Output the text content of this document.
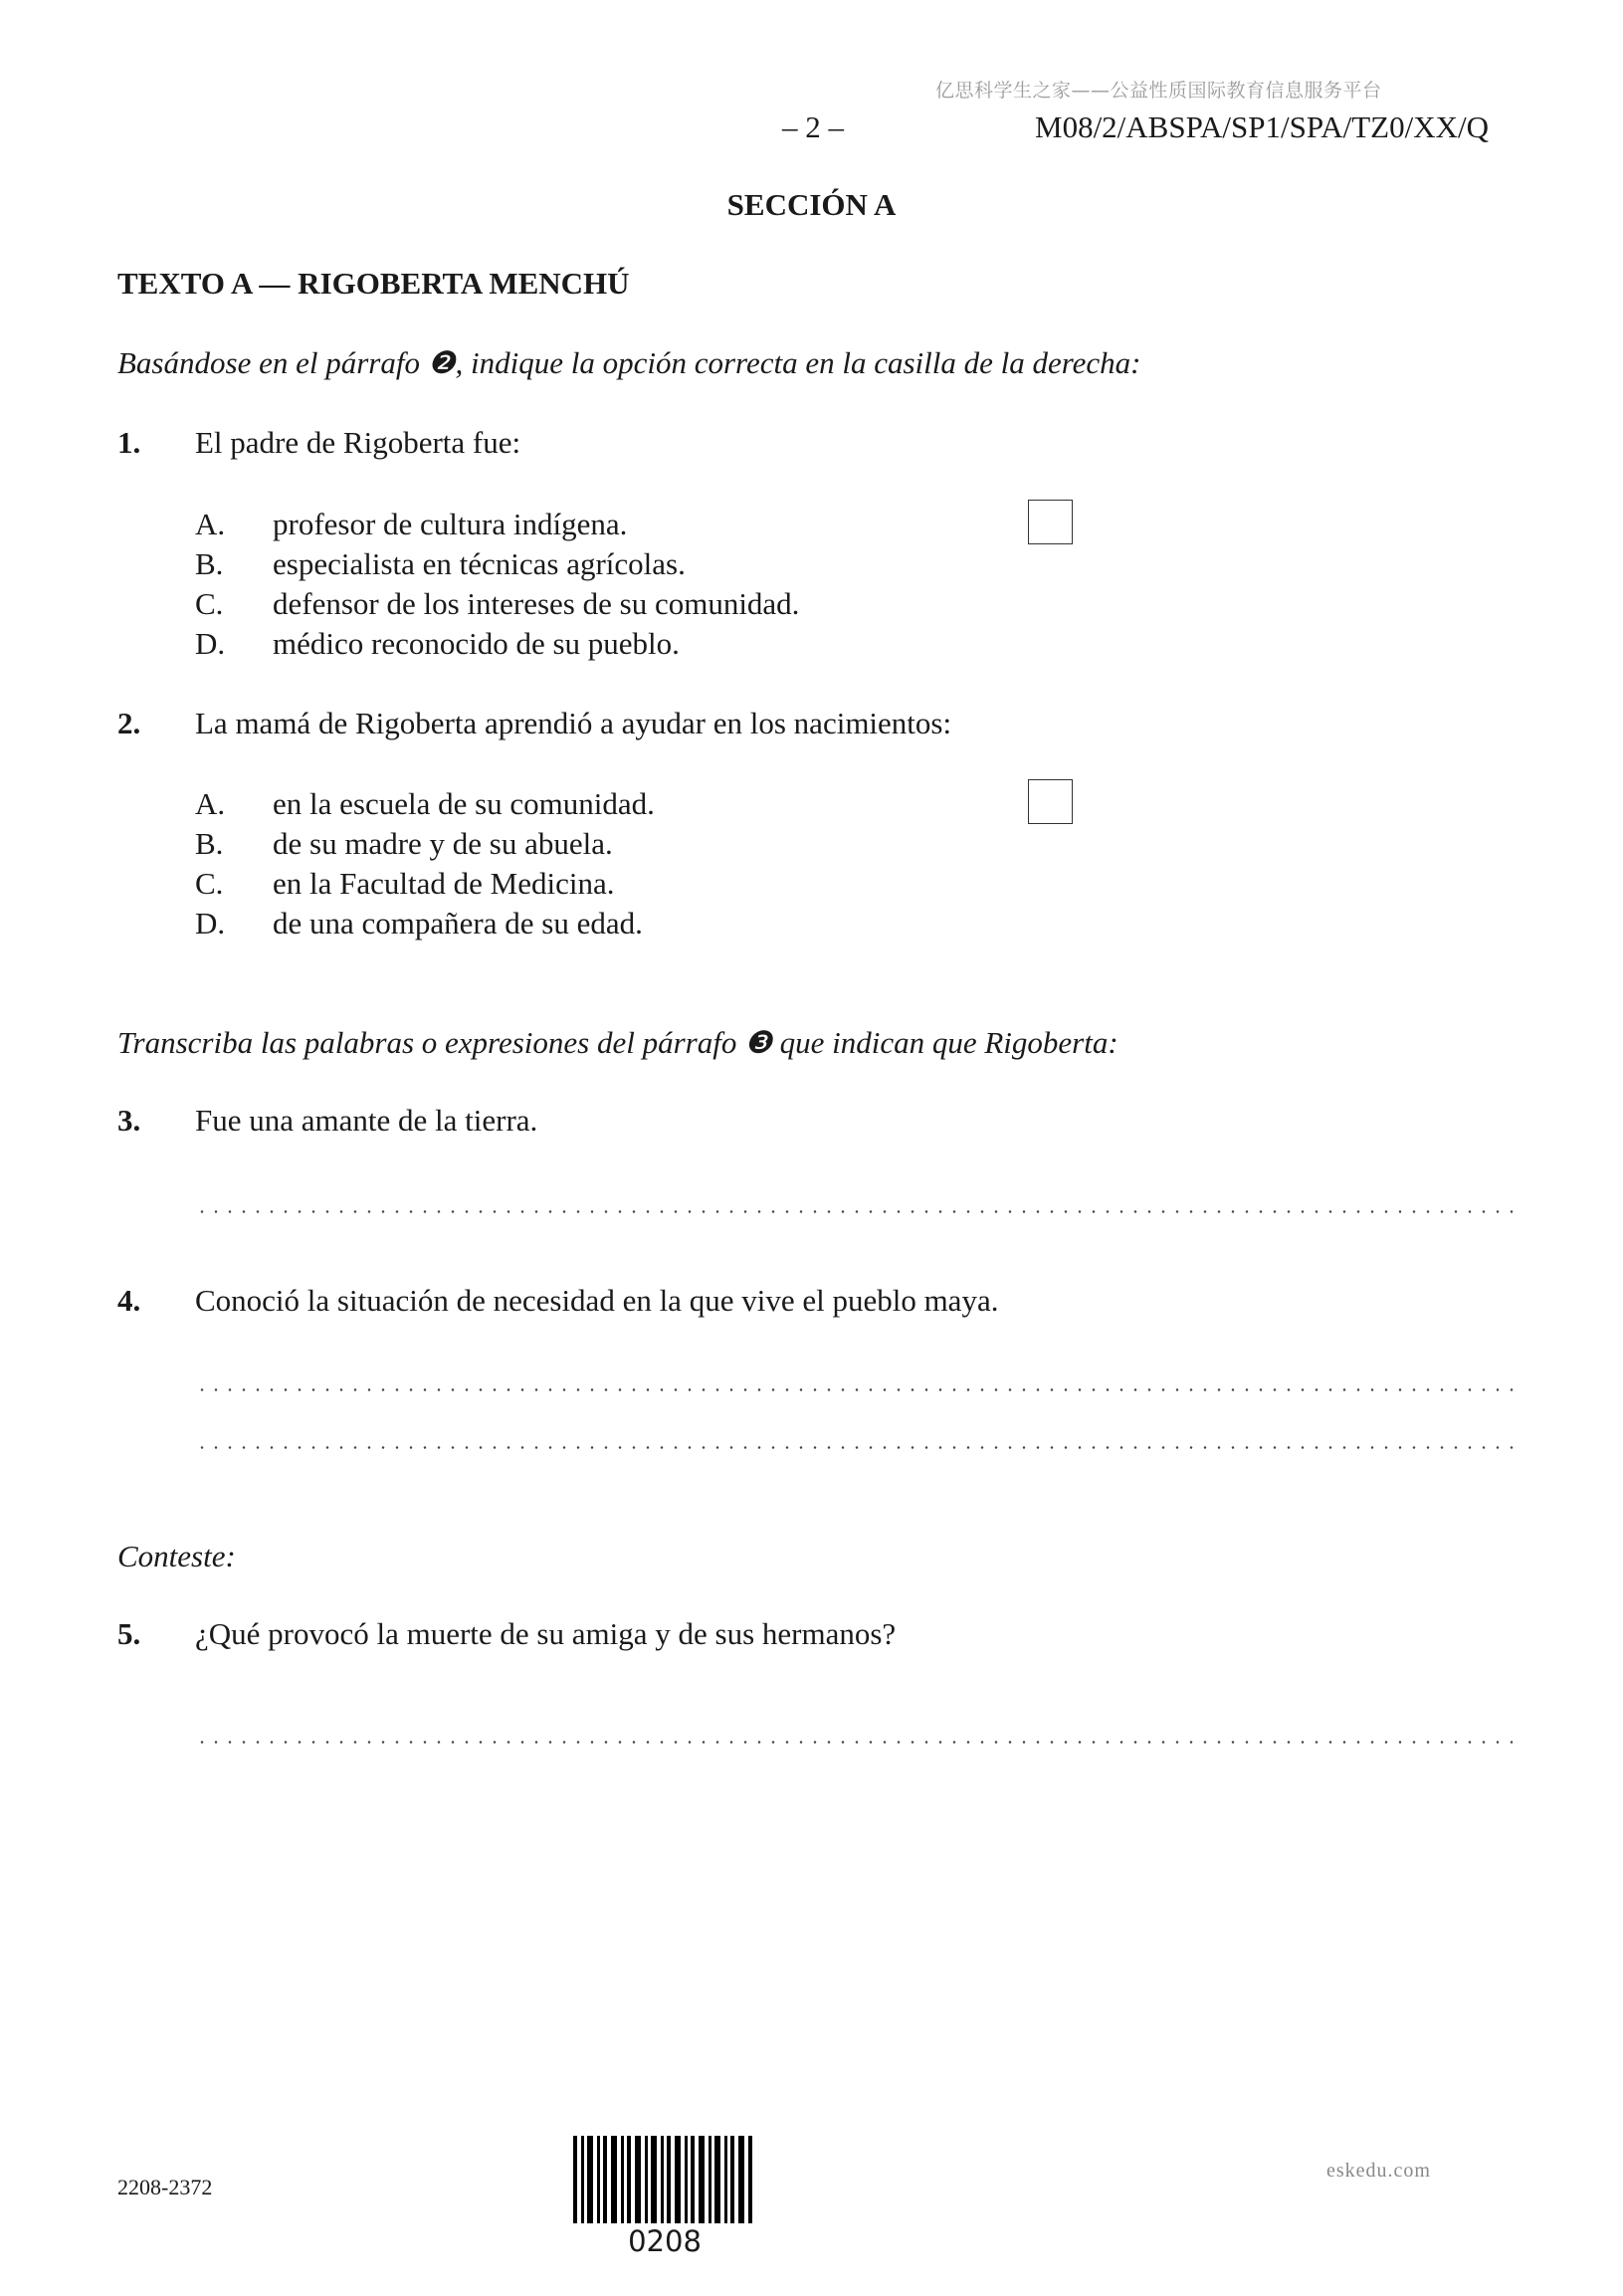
亿思科学生之家——公益性质国际教育信息服务平台
– 2 –	M08/2/ABSPA/SP1/SPA/TZ0/XX/Q
SECCIÓN A
TEXTO A — RIGOBERTA MENCHÚ
Basándose en el párrafo ❷, indique la opción correcta en la casilla de la derecha:
1. El padre de Rigoberta fue:
A. profesor de cultura indígena.
B. especialista en técnicas agrícolas.
C. defensor de los intereses de su comunidad.
D. médico reconocido de su pueblo.
2. La mamá de Rigoberta aprendió a ayudar en los nacimientos:
A. en la escuela de su comunidad.
B. de su madre y de su abuela.
C. en la Facultad de Medicina.
D. de una compañera de su edad.
Transcriba las palabras o expresiones del párrafo ❸ que indican que Rigoberta:
3. Fue una amante de la tierra.
4. Conoció la situación de necesidad en la que vive el pueblo maya.
Conteste:
5. ¿Qué provocó la muerte de su amiga y de sus hermanos?
2208-2372
0208
eskedu.com
